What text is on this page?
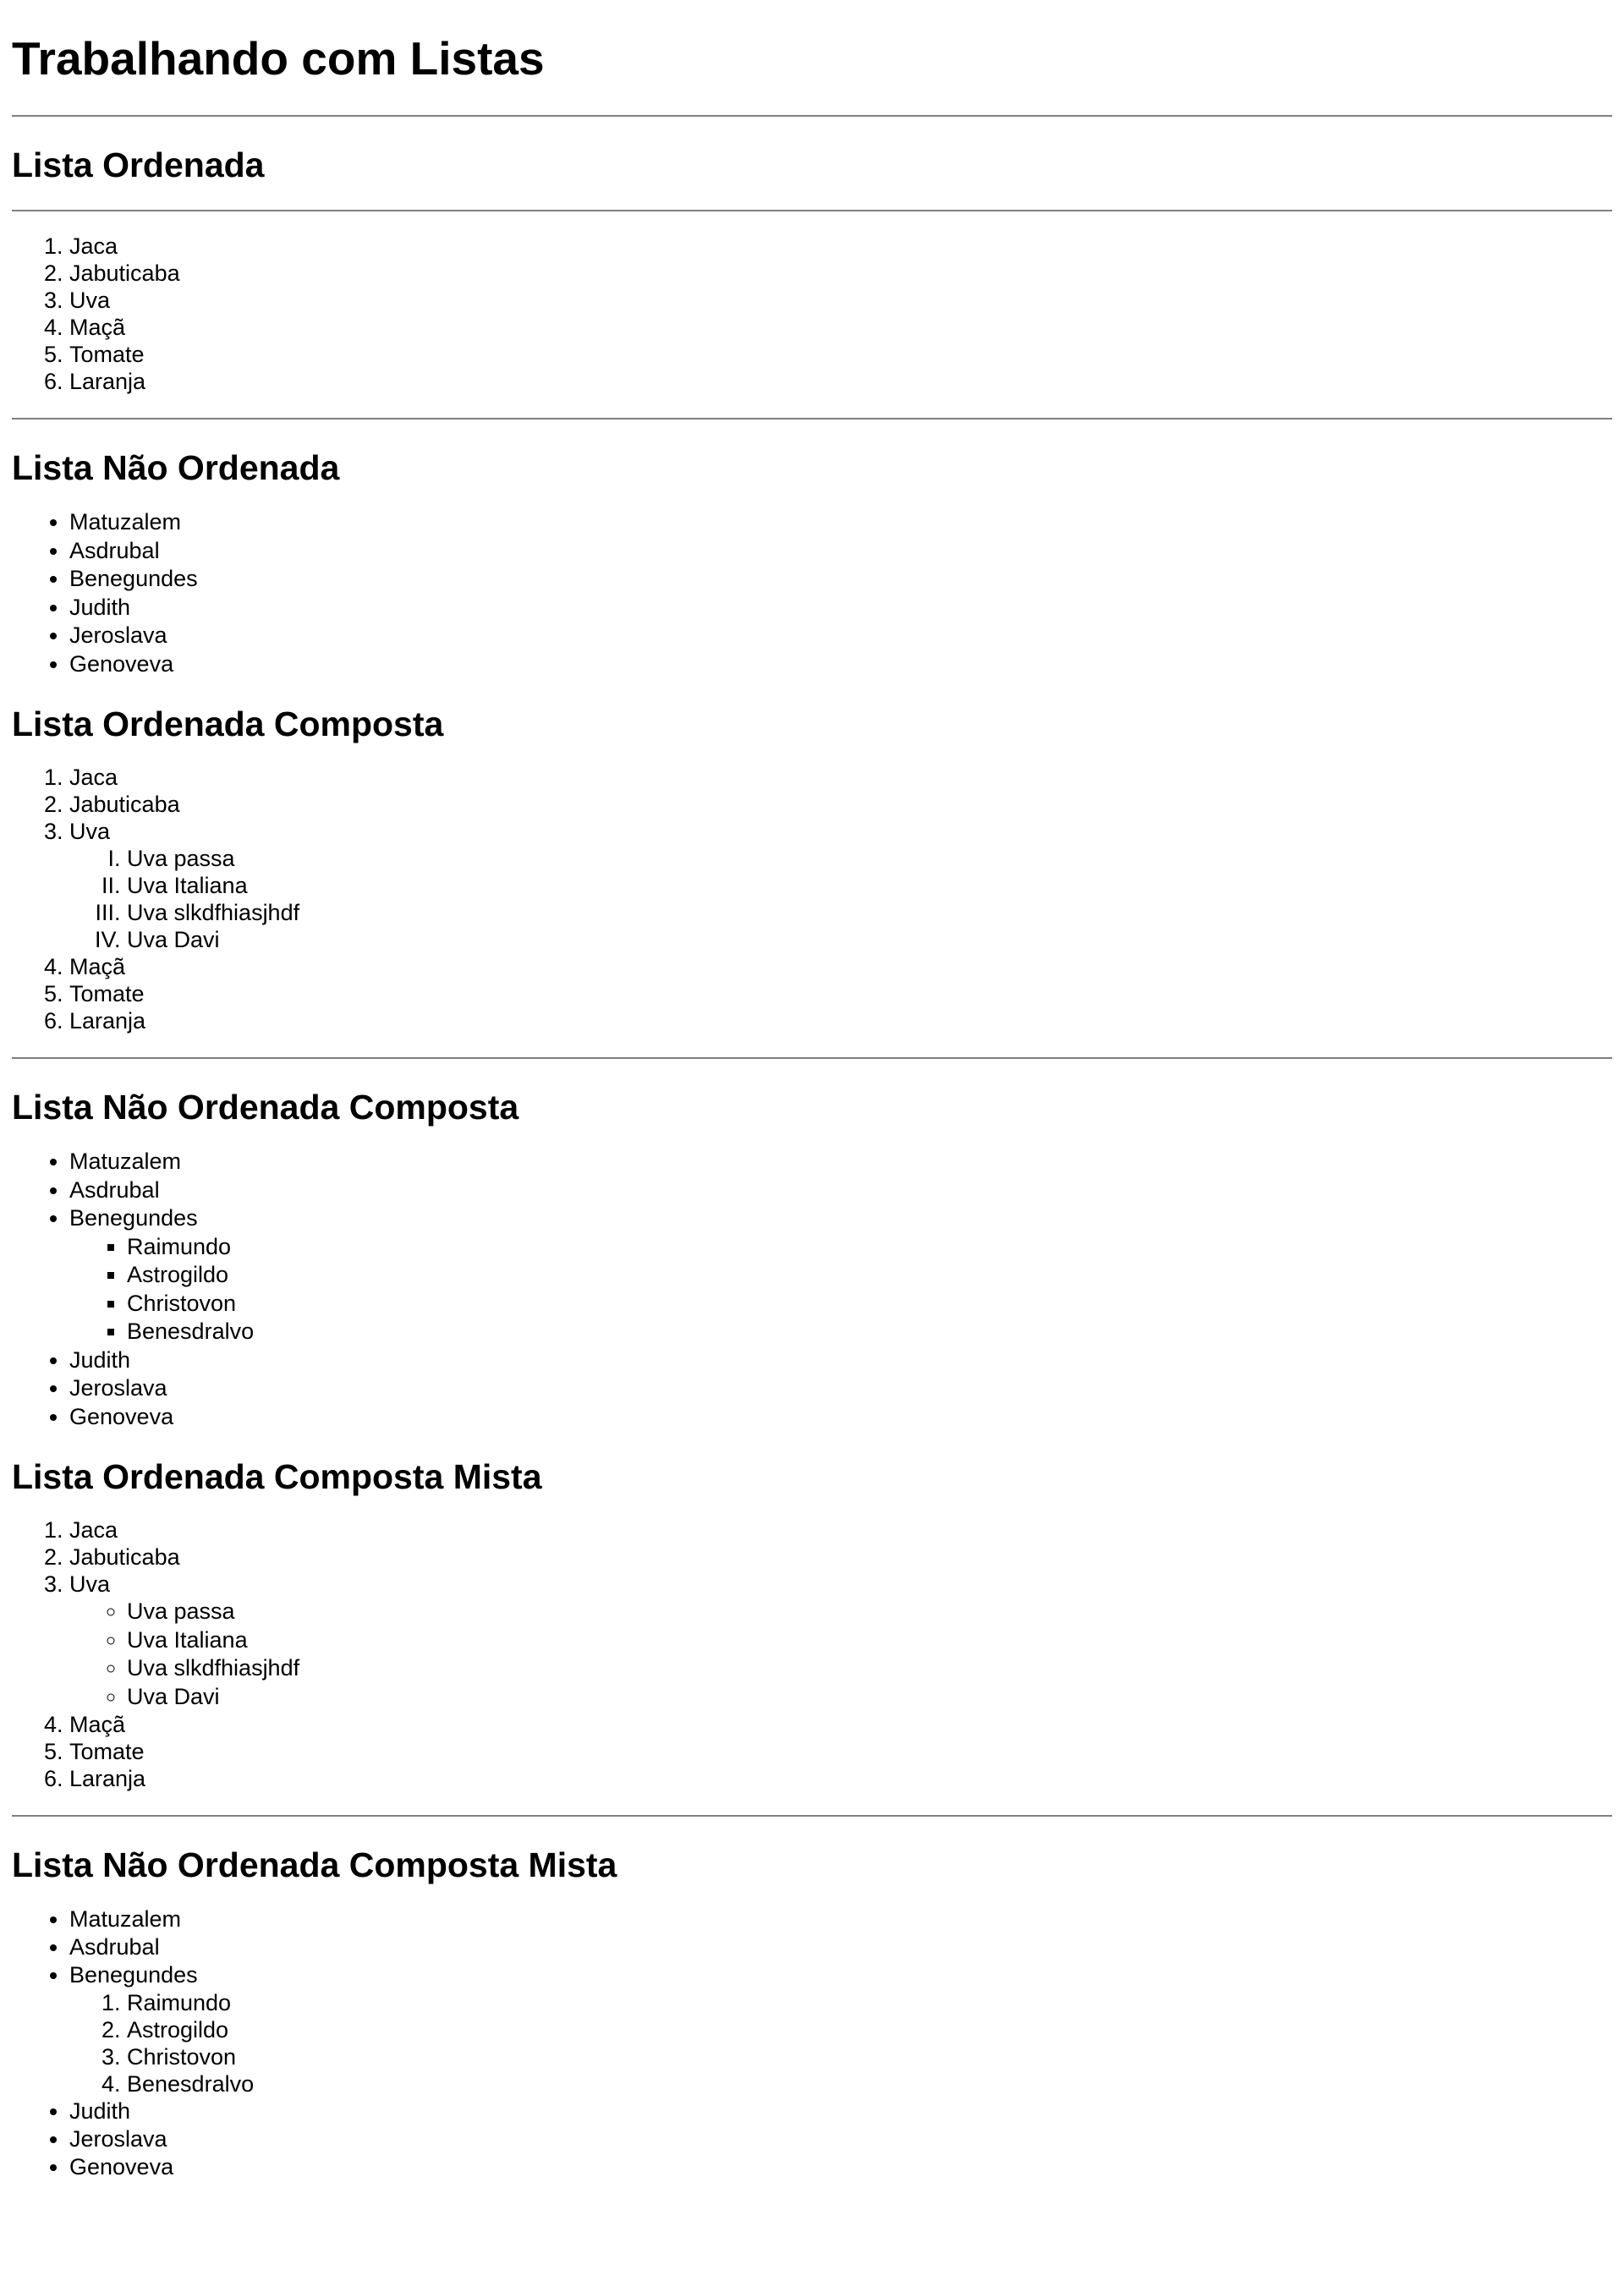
Trabalhando com Listas
Lista Ordenada
1. Jaca
2. Jabuticaba
3. Uva
4. Maçã
5. Tomate
6. Laranja
Lista Não Ordenada
• Matuzalem
• Asdrubal
• Benegundes
• Judith
• Jeroslava
• Genoveva
Lista Ordenada Composta
1. Jaca
2. Jabuticaba
3. Uva
I. Uva passa
II. Uva Italiana
III. Uva slkdfhiasjhdf
IV. Uva Davi
4. Maçã
5. Tomate
6. Laranja
Lista Não Ordenada Composta
• Matuzalem
• Asdrubal
• Benegundes
▪ Raimundo
▪ Astrogildo
▪ Christovon
▪ Benesdralvo
• Judith
• Jeroslava
• Genoveva
Lista Ordenada Composta Mista
1. Jaca
2. Jabuticaba
3. Uva
◦ Uva passa
◦ Uva Italiana
◦ Uva slkdfhiasjhdf
◦ Uva Davi
4. Maçã
5. Tomate
6. Laranja
Lista Não Ordenada Composta Mista
• Matuzalem
• Asdrubal
• Benegundes
1. Raimundo
2. Astrogildo
3. Christovon
4. Benesdralvo
• Judith
• Jeroslava
• Genoveva
